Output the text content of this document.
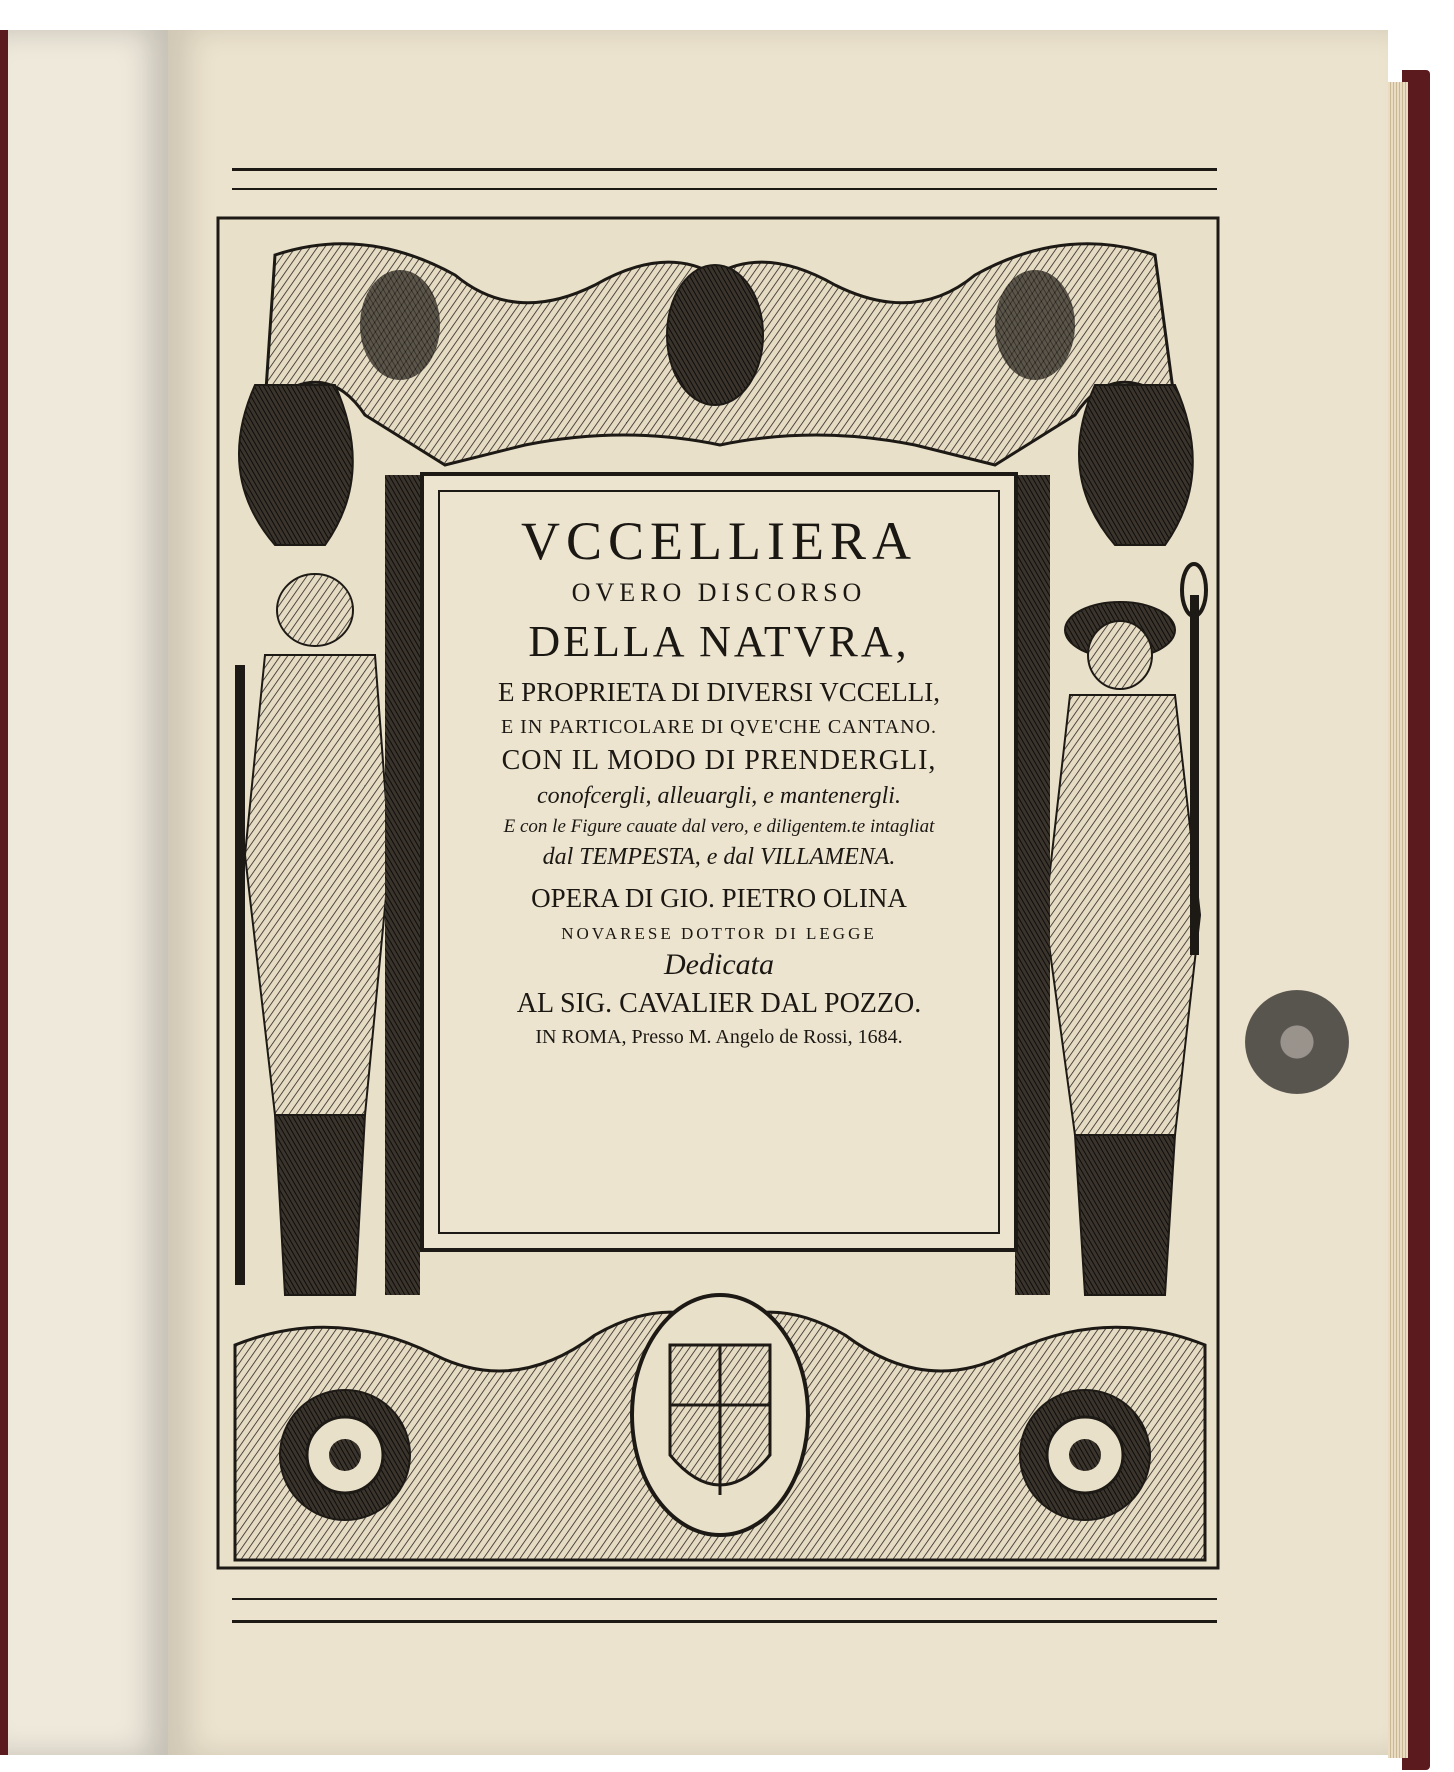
VCCELLIERA
OVERO DISCORSO
DELLA NATVRA,
E PROPRIETA DI DIVERSI VCCELLI,
E IN PARTICOLARE DI QVE'CHE CANTANO.
CON IL MODO DI PRENDERGLI,
conofcergli, alleuargli, e mantenergli.
E con le Figure cauate dal vero, e diligentem.te intagliat
dal TEMPESTA, e dal VILLAMENA.
OPERA DI GIO. PIETRO OLINA
NOVARESE DOTTOR DI LEGGE
Dedicata
AL SIG. CAVALIER DAL POZZO.
IN ROMA, Presso M. Angelo de Rossi, 1684.
